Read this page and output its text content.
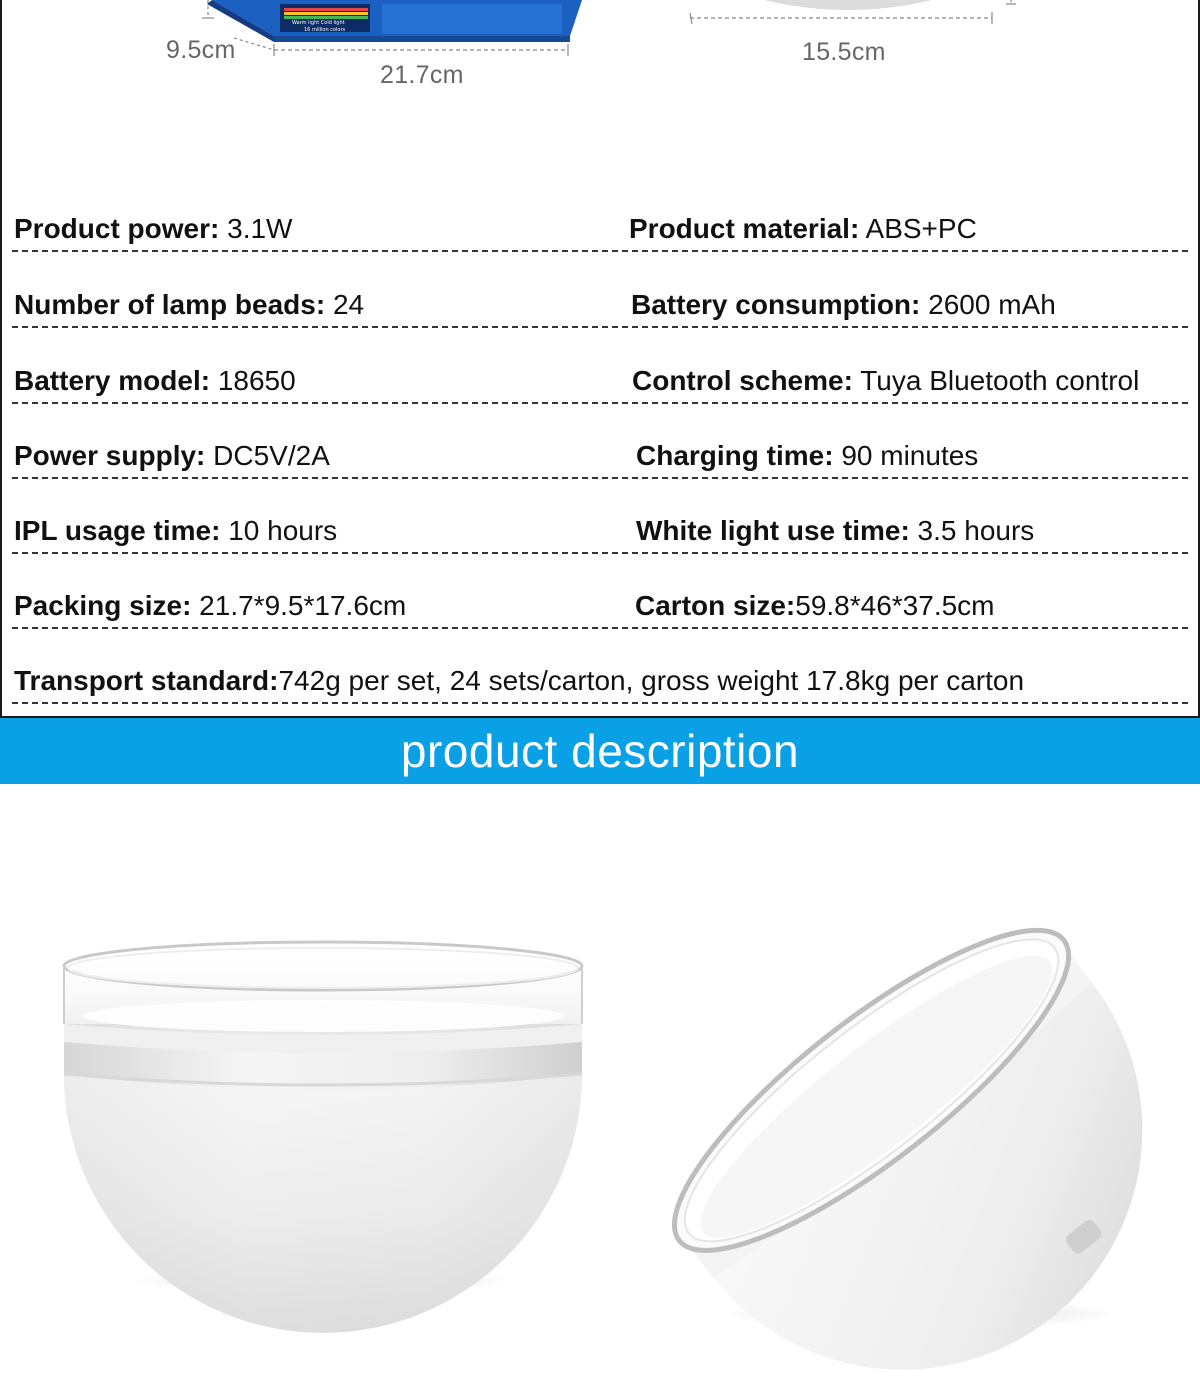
Warm light Cold light
16 million colors
9.5cm
21.7cm
15.5cm
Product power: 3.1W	Product material: ABS+PC
Number of lamp beads: 24	Battery consumption: 2600 mAh
Battery model: 18650	Control scheme: Tuya Bluetooth control
Power supply: DC5V/2A	Charging time: 90 minutes
IPL usage time: 10 hours	White light use time: 3.5 hours
Packing size: 21.7*9.5*17.6cm	Carton size:59.8*46*37.5cm
Transport standard:742g per set, 24 sets/carton, gross weight 17.8kg per carton
product description
